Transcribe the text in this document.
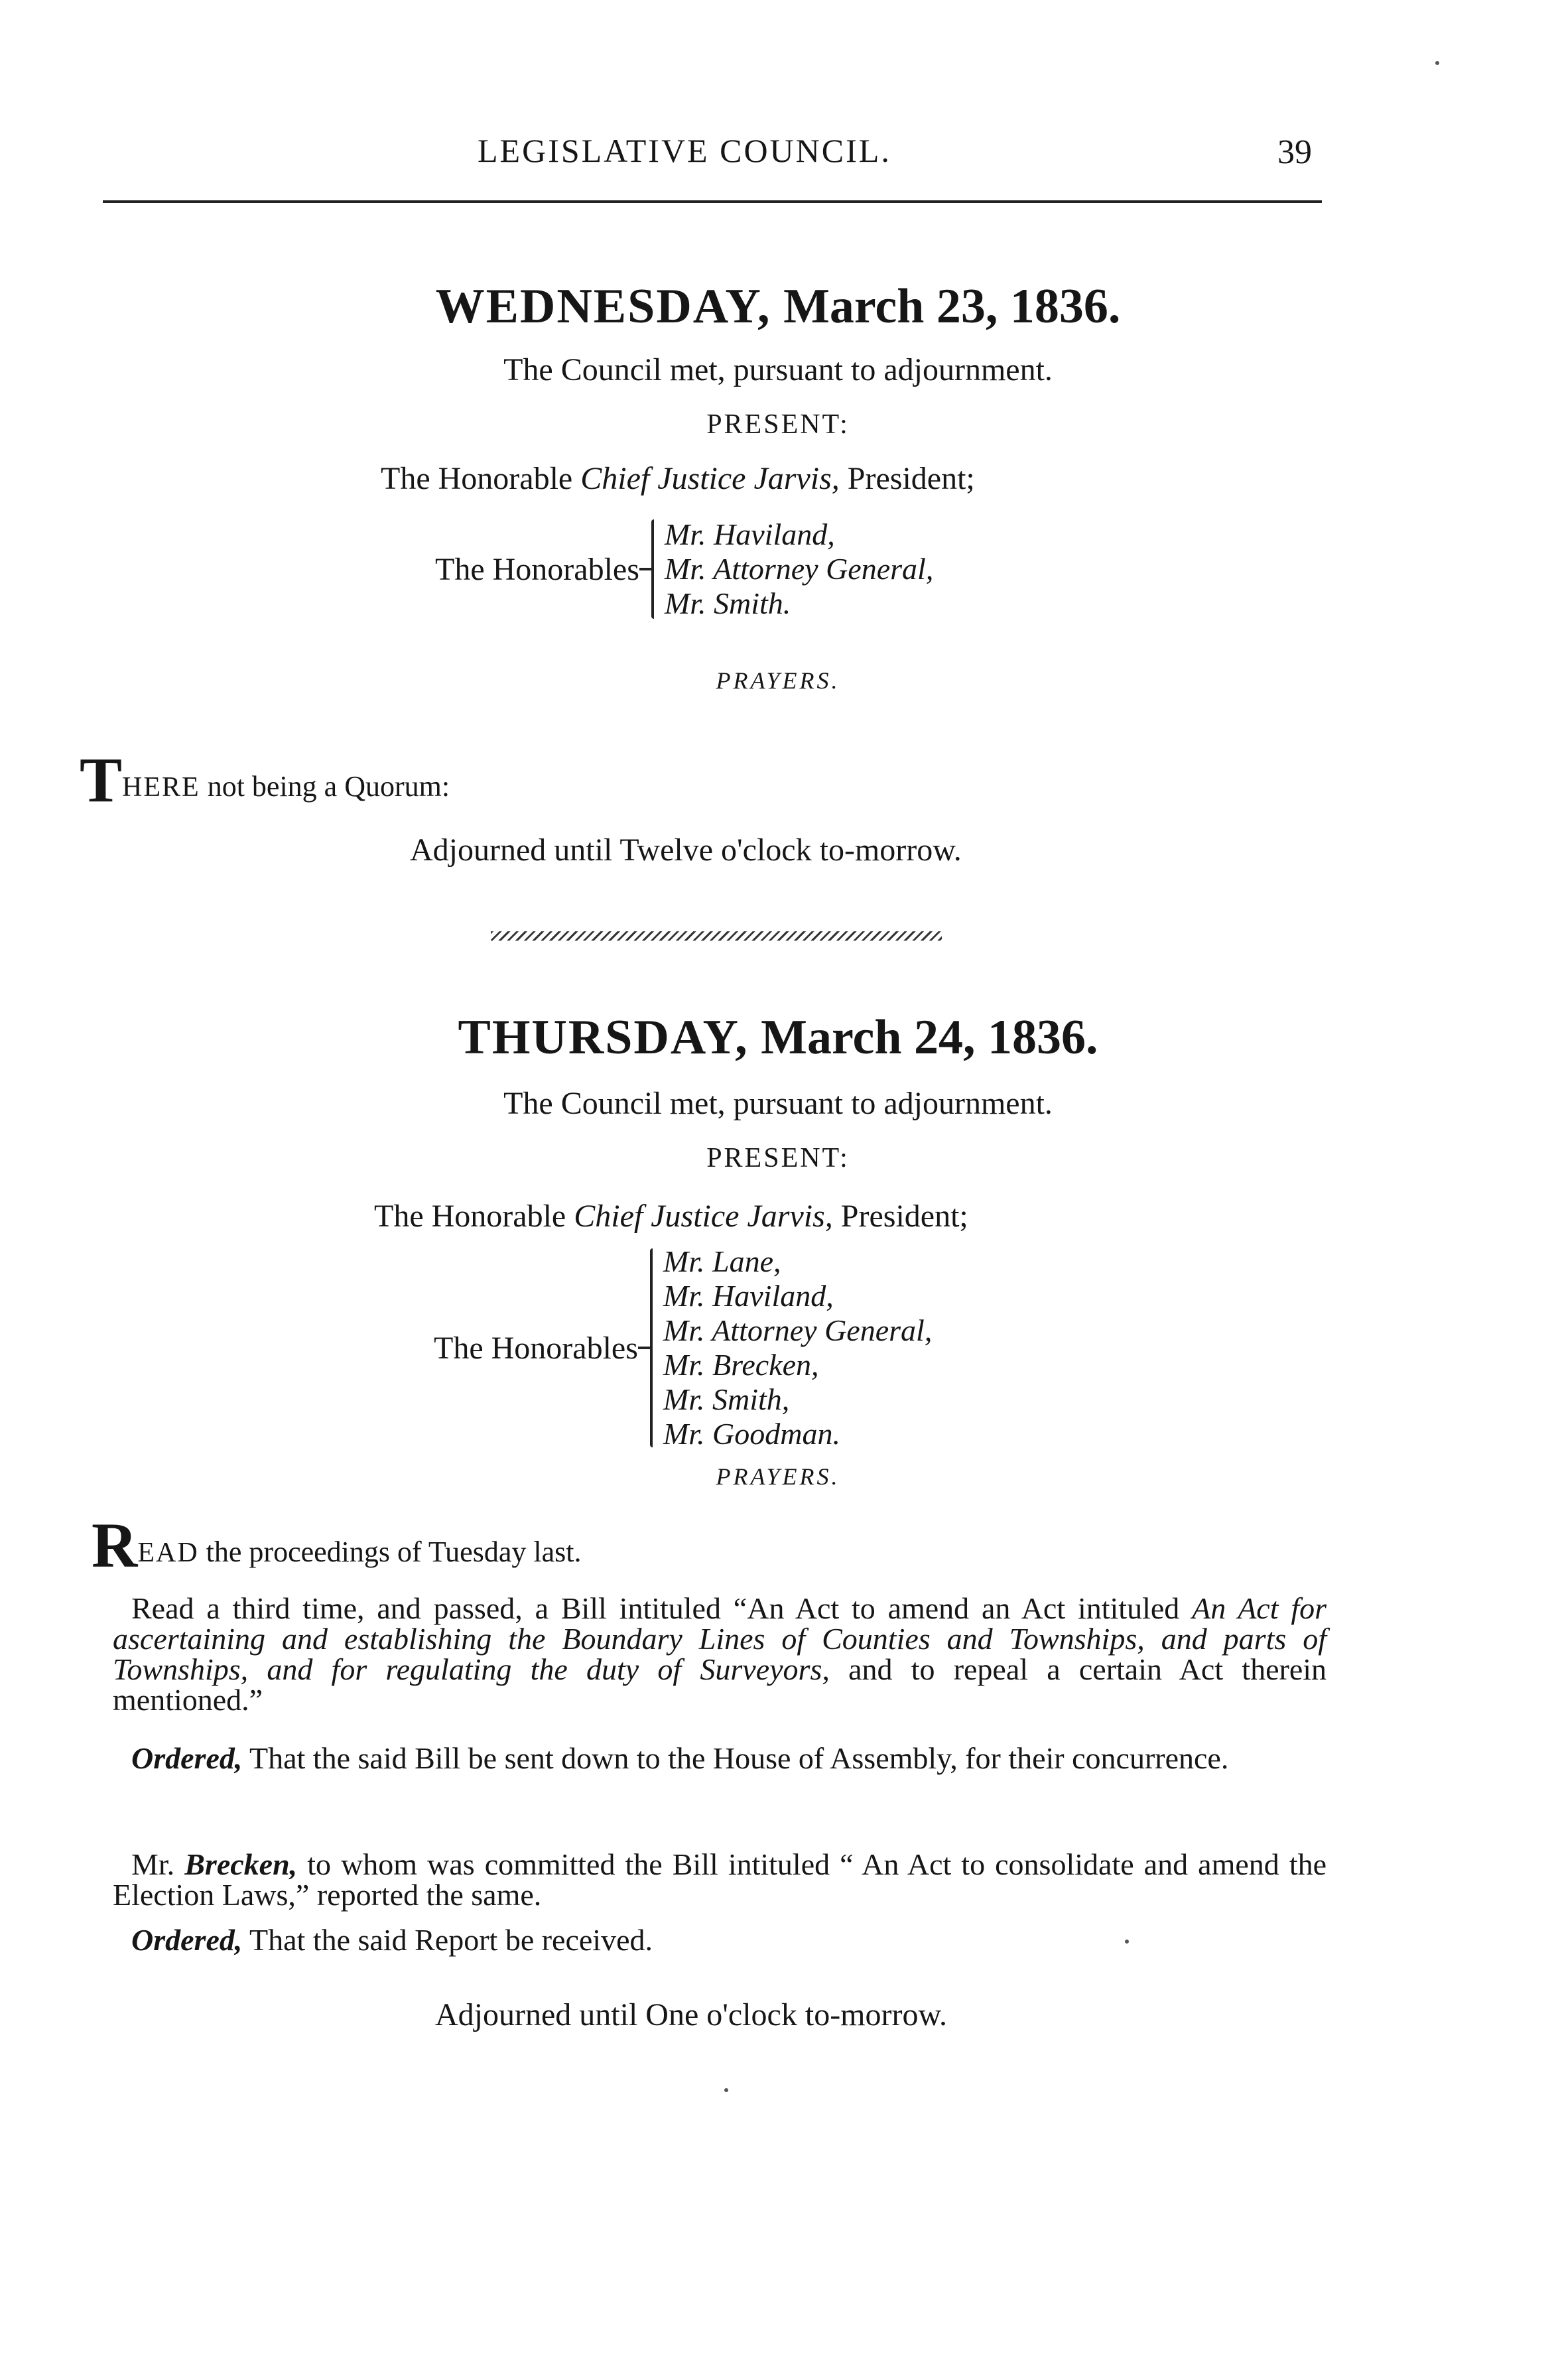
LEGISLATIVE COUNCIL.	39
WEDNESDAY, March 23, 1836.
The Council met, pursuant to adjournment.
PRESENT:
The Honorable Chief Justice Jarvis, President;
The Honorables
Mr. Haviland,
Mr. Attorney General,
Mr. Smith.
PRAYERS.
THERE not being a Quorum:
Adjourned until Twelve o'clock to-morrow.
THURSDAY, March 24, 1836.
The Council met, pursuant to adjournment.
PRESENT:
The Honorable Chief Justice Jarvis, President;
The Honorables
Mr. Lane,
Mr. Haviland,
Mr. Attorney General,
Mr. Brecken,
Mr. Smith,
Mr. Goodman.
PRAYERS.
READ the proceedings of Tuesday last.
Read a third time, and passed, a Bill intituled “An Act to amend an Act intituled An Act for ascertaining and establishing the Boundary Lines of Counties and Townships, and parts of Townships, and for regulating the duty of Surveyors, and to repeal a certain Act therein mentioned.”
Ordered, That the said Bill be sent down to the House of Assembly, for their concurrence.
Mr. Brecken, to whom was committed the Bill intituled “ An Act to consolidate and amend the Election Laws,” reported the same.
Ordered, That the said Report be received.
Adjourned until One o'clock to-morrow.
